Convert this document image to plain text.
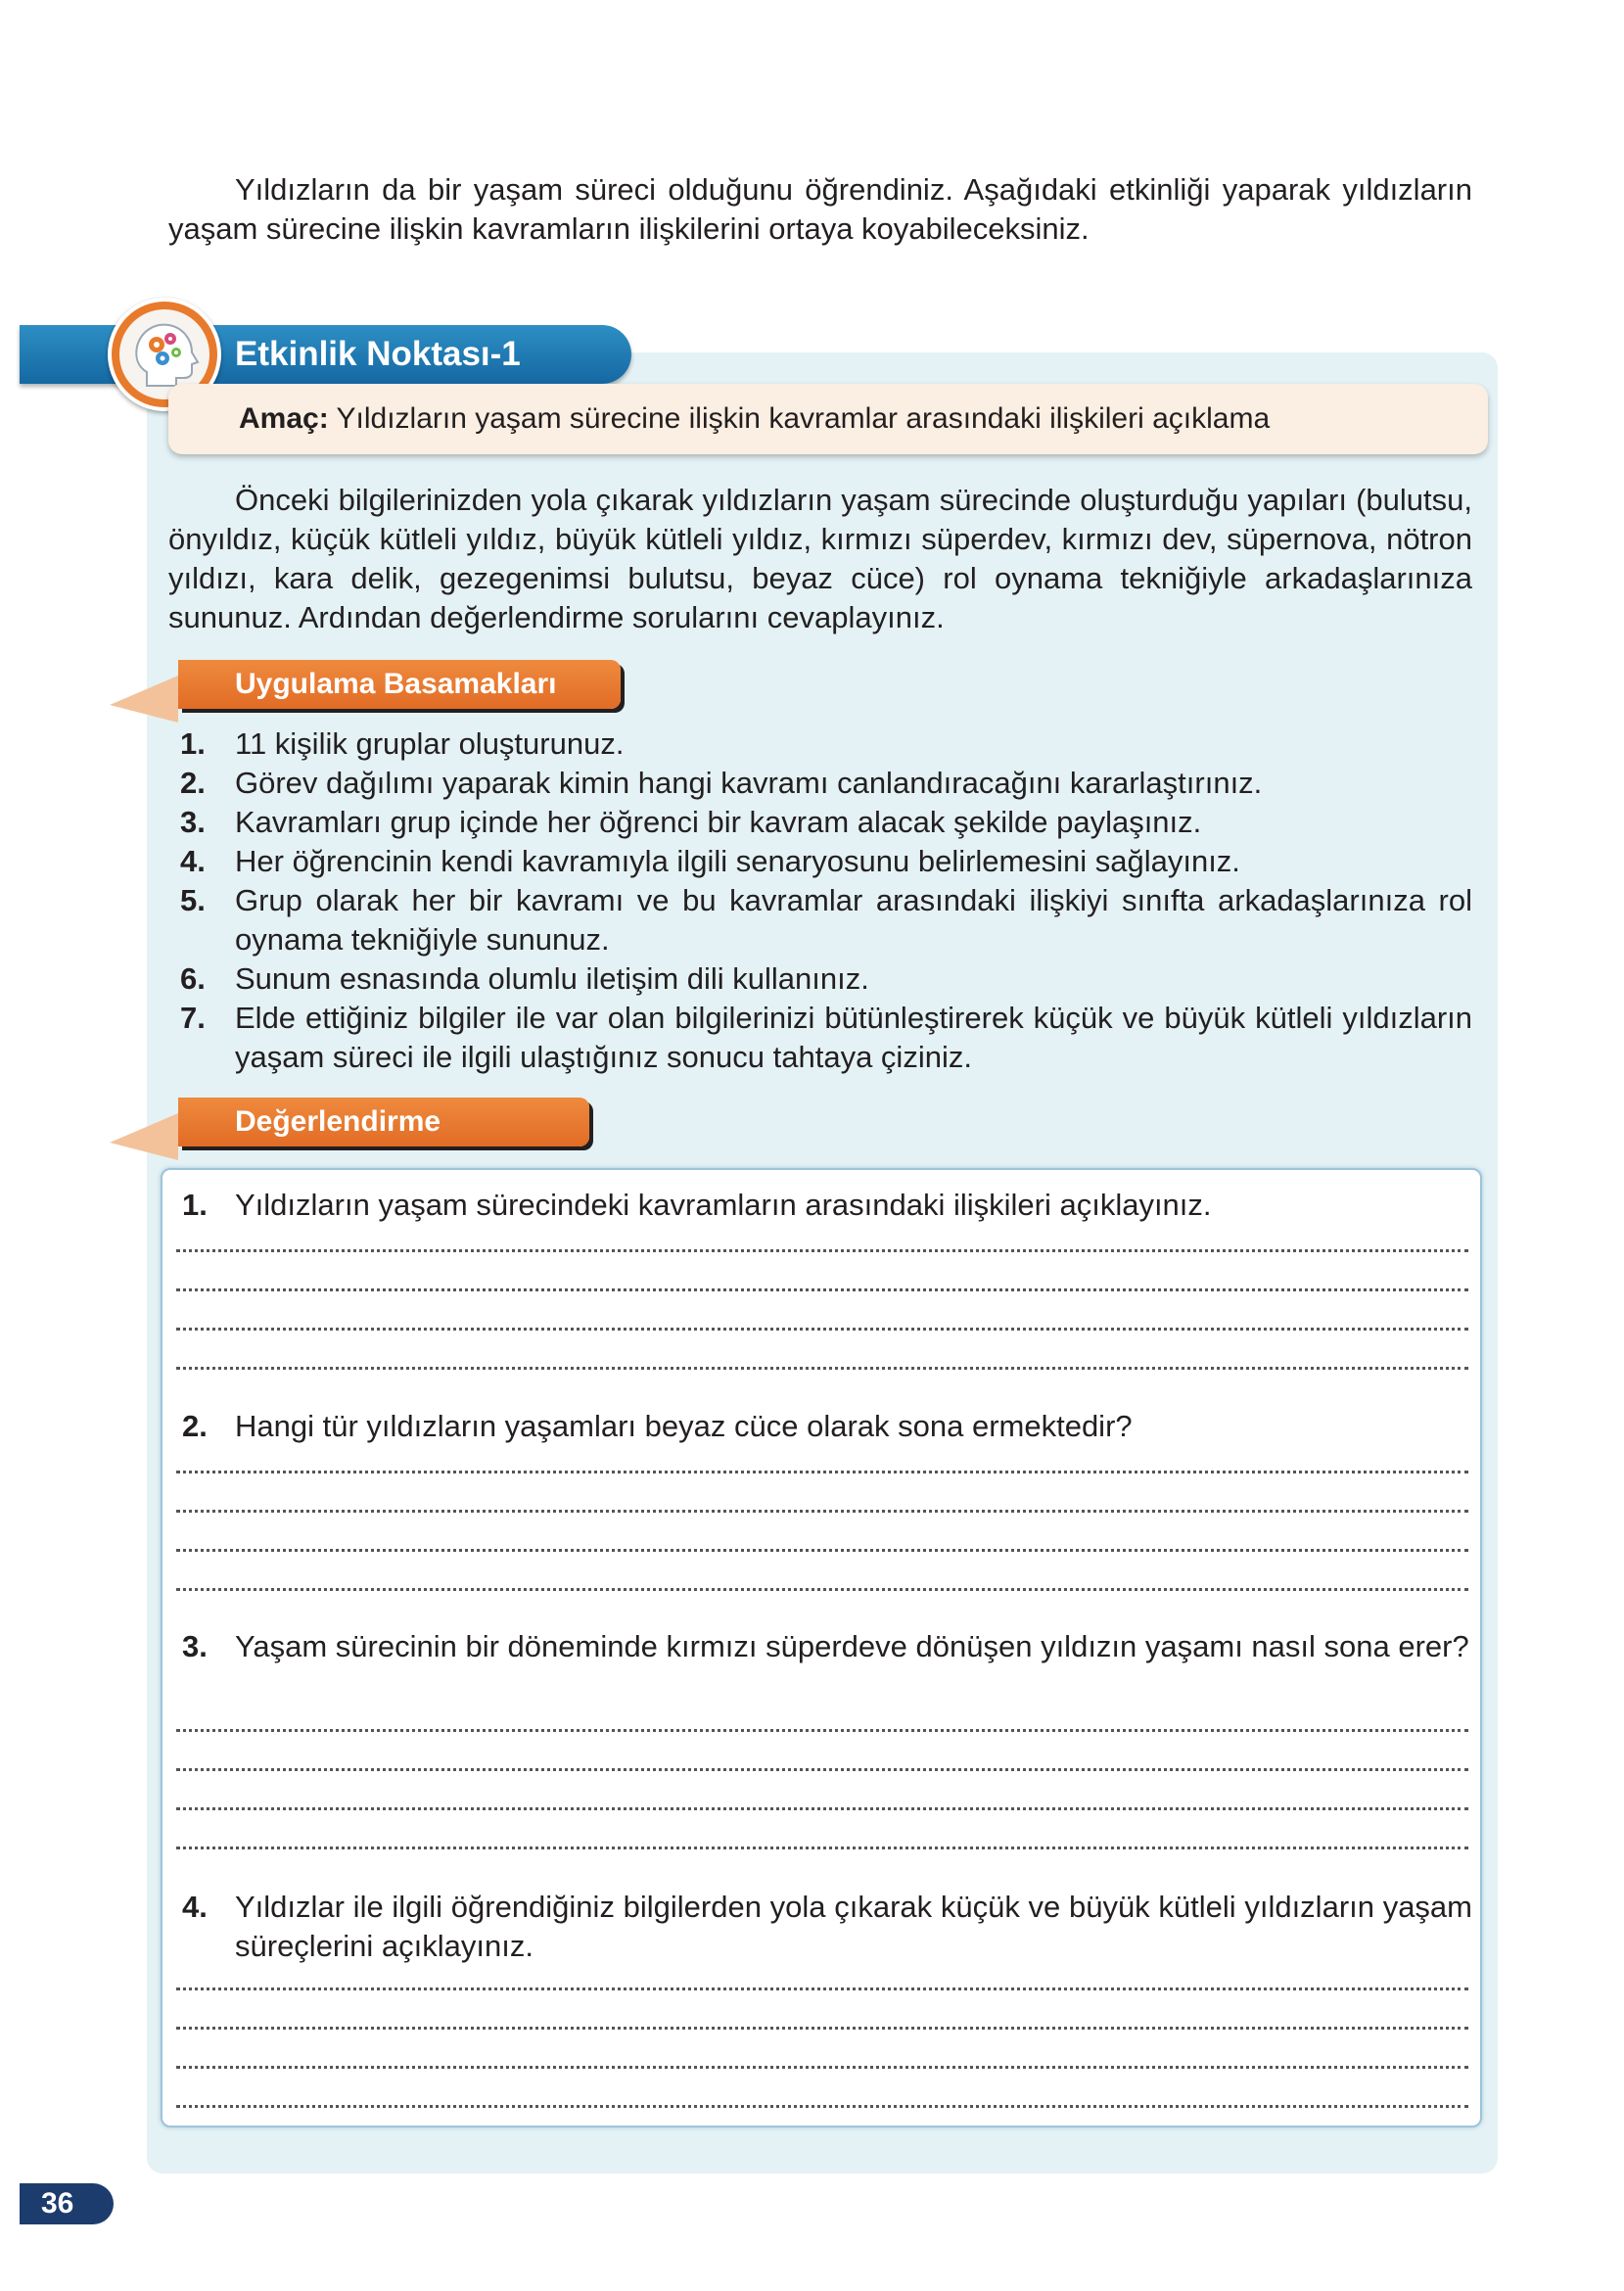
Yıldızların da bir yaşam süreci olduğunu öğrendiniz. Aşağıdaki etkinliği yaparak yıldızların yaşam sürecine ilişkin kavramların ilişkilerini ortaya koyabileceksiniz.

Etkinlik Noktası-1
Amaç: Yıldızların yaşam sürecine ilişkin kavramlar arasındaki ilişkileri açıklama

Önceki bilgilerinizden yola çıkarak yıldızların yaşam sürecinde oluşturduğu yapıları (bulutsu, önyıldız, küçük kütleli yıldız, büyük kütleli yıldız, kırmızı süperdev, kırmızı dev, süpernova, nötron yıldızı, kara delik, gezegenimsi bulutsu, beyaz cüce) rol oynama tekniğiyle arkadaşlarınıza sununuz. Ardından değerlendirme sorularını cevaplayınız.

Uygulama Basamakları
1. 11 kişilik gruplar oluşturunuz.
2. Görev dağılımı yaparak kimin hangi kavramı canlandıracağını kararlaştırınız.
3. Kavramları grup içinde her öğrenci bir kavram alacak şekilde paylaşınız.
4. Her öğrencinin kendi kavramıyla ilgili senaryosunu belirlemesini sağlayınız.
5. Grup olarak her bir kavramı ve bu kavramlar arasındaki ilişkiyi sınıfta arkadaşlarınıza rol oynama tekniğiyle sununuz.
6. Sunum esnasında olumlu iletişim dili kullanınız.
7. Elde ettiğiniz bilgiler ile var olan bilgilerinizi bütünleştirerek küçük ve büyük kütleli yıldızların yaşam süreci ile ilgili ulaştığınız sonucu tahtaya çiziniz.
Değerlendirme
1. Yıldızların yaşam sürecindeki kavramların arasındaki ilişkileri açıklayınız.
2. Hangi tür yıldızların yaşamları beyaz cüce olarak sona ermektedir?
3. Yaşam sürecinin bir döneminde kırmızı süperdeve dönüşen yıldızın yaşamı nasıl sona erer?
4. Yıldızlar ile ilgili öğrendiğiniz bilgilerden yola çıkarak küçük ve büyük kütleli yıldızların yaşam süreçlerini açıklayınız.
36
